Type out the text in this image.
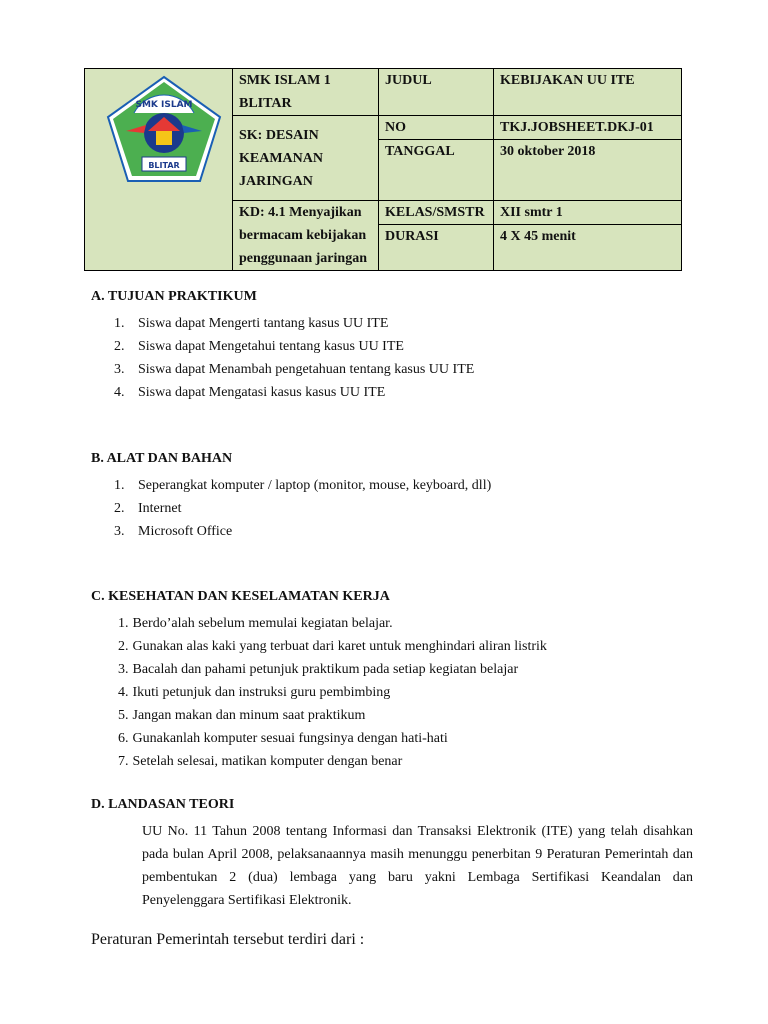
SMK ISLAM
BLITAR	SMK ISLAM 1 BLITAR	JUDUL	KEBIJAKAN UU ITE
	SK: DESAIN KEAMANAN JARINGAN	NO	TKJ.JOBSHEET.DKJ-01
		TANGGAL	30 oktober 2018
	KD: 4.1 Menyajikan bermacam kebijakan penggunaan jaringan	KELAS/SMSTR	XII smtr 1
		DURASI	4 X 45 menit
A. TUJUAN PRAKTIKUM
1. Siswa dapat Mengerti tantang kasus UU ITE
2. Siswa dapat Mengetahui tentang kasus UU ITE
3. Siswa dapat Menambah pengetahuan tentang kasus UU ITE
4. Siswa dapat Mengatasi kasus kasus UU ITE
B. ALAT DAN BAHAN
1. Seperangkat komputer / laptop (monitor, mouse, keyboard, dll)
2. Internet
3. Microsoft Office
C. KESEHATAN DAN KESELAMATAN KERJA
1. Berdo’alah sebelum memulai kegiatan belajar.
2. Gunakan alas kaki yang terbuat dari karet untuk menghindari aliran listrik
3. Bacalah dan pahami petunjuk praktikum pada setiap kegiatan belajar
4. Ikuti petunjuk dan instruksi guru pembimbing
5. Jangan makan dan minum saat praktikum
6. Gunakanlah komputer sesuai fungsinya dengan hati-hati
7. Setelah selesai, matikan komputer dengan benar
D. LANDASAN TEORI

UU No. 11 Tahun 2008 tentang Informasi dan Transaksi Elektronik (ITE) yang telah disahkan pada bulan April 2008, pelaksanaannya masih menunggu penerbitan 9 Peraturan Pemerintah dan pembentukan 2 (dua) lembaga yang baru yakni Lembaga Sertifikasi Keandalan dan Penyelenggara Sertifikasi Elektronik.

Peraturan Pemerintah tersebut terdiri dari :
